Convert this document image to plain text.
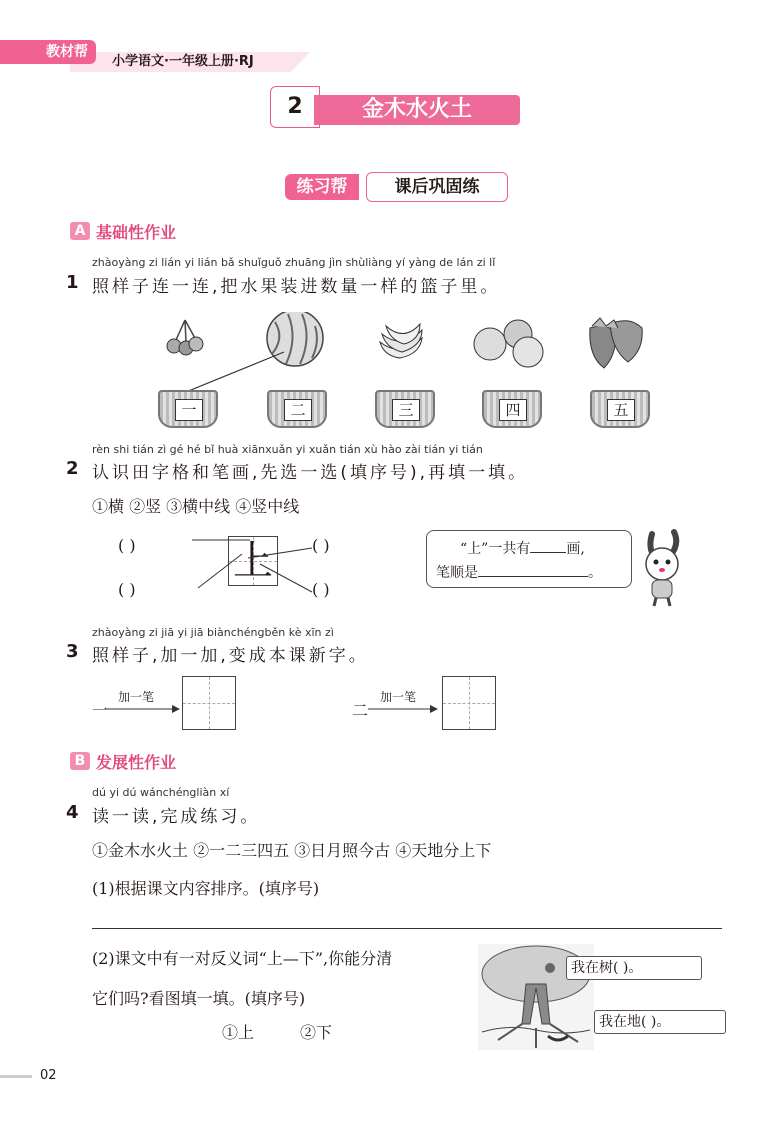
教材帮
小学语文·一年级上册·RJ
2	金木水火土
练习帮	课后巩固练
A 基础性作业
zhàoyàng zi lián yi lián bǎ shuǐguǒ zhuāng jìn shùliàng yí yàng de lán zi lǐ
1 照样子连一连,把水果装进数量一样的篮子里。
一	二	三	四	五
rèn shi tián zì gé hé bǐ huà xiānxuǎn yi xuǎn tián xù hào zài tián yi tián
2 认识田字格和笔画,先选一选(填序号),再填一填。
①横 ②竖 ③横中线 ④竖中线
( )
( )
( )
( )
上	“上”一共有	画,
笔顺是	。
zhàoyàng zi jiā yi jiā biànchéngběn kè xīn zì
3 照样子,加一加,变成本课新字。
一
加一笔
二
加一笔
B 发展性作业
dú yi dú wánchéngliàn xí
4 读一读,完成练习。
①金木水火土 ②一二三四五 ③日月照今古 ④天地分上下
(1)根据课文内容排序。(填序号)
(2)课文中有一对反义词“上—下”,你能分清
它们吗?看图填一填。(填序号)
①上	②下
我在树( )。
我在地( )。
02
